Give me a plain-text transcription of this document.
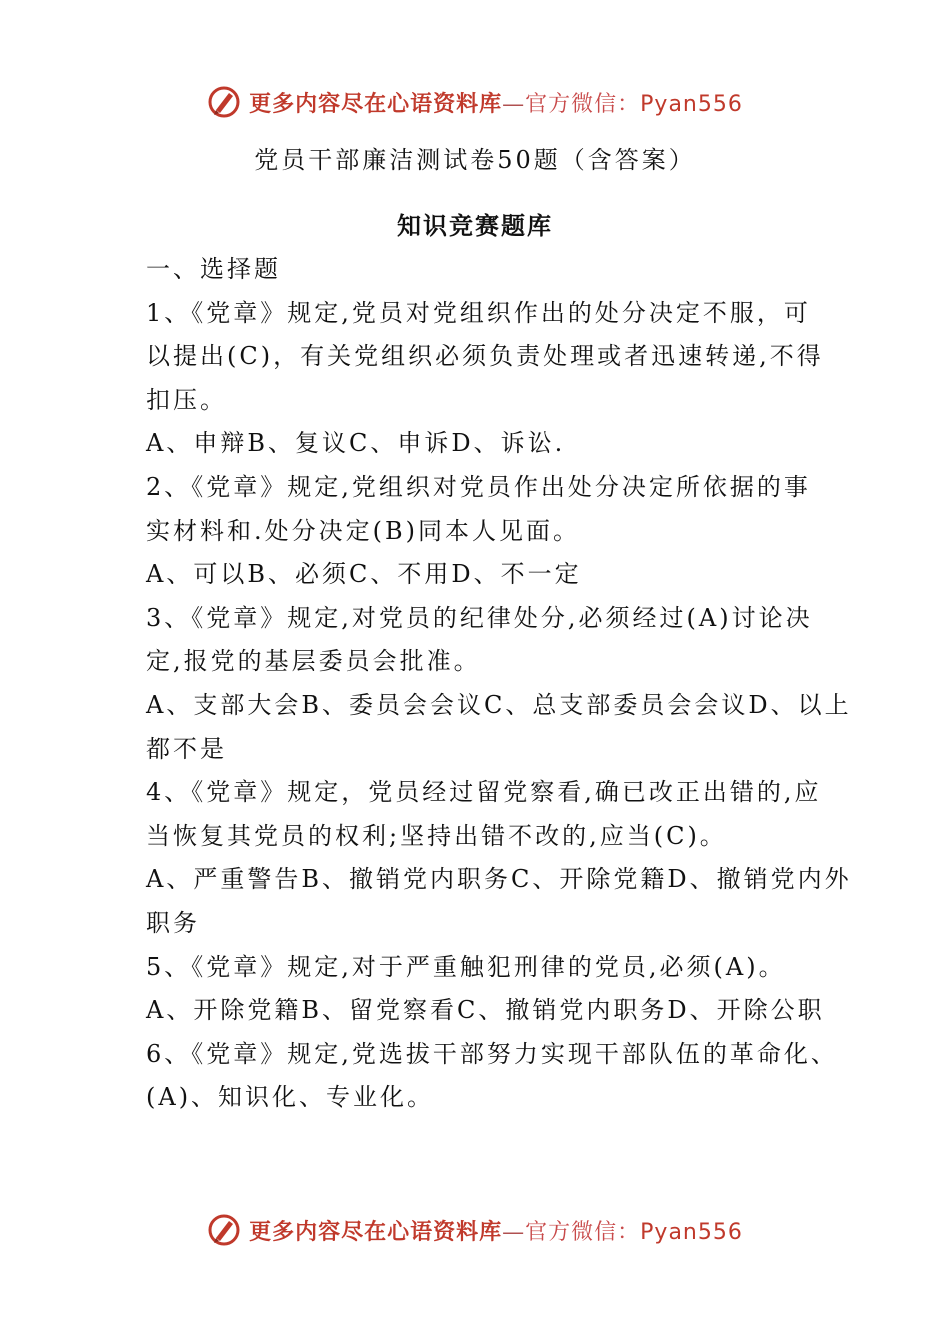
更多内容尽在心语资料库—官方微信：Pyan556
党员干部廉洁测试卷50题（含答案）
知识竞赛题库
一、选择题
1、《党章》规定,党员对党组织作出的处分决定不服，可
以提出(C)，有关党组织必须负责处理或者迅速转递,不得
扣压。
A、申辩B、复议C、申诉D、诉讼.
2、《党章》规定,党组织对党员作出处分决定所依据的事
实材料和.处分决定(B)同本人见面。
A、可以B、必须C、不用D、不一定
3、《党章》规定,对党员的纪律处分,必须经过(A)讨论决
定,报党的基层委员会批准。
A、支部大会B、委员会会议C、总支部委员会会议D、以上
都不是
4、《党章》规定，党员经过留党察看,确已改正出错的,应
当恢复其党员的权利;坚持出错不改的,应当(C)。
A、严重警告B、撤销党内职务C、开除党籍D、撤销党内外
职务
5、《党章》规定,对于严重触犯刑律的党员,必须(A)。
A、开除党籍B、留党察看C、撤销党内职务D、开除公职
6、《党章》规定,党选拔干部努力实现干部队伍的革命化、
(A)、知识化、专业化。
更多内容尽在心语资料库—官方微信：Pyan556
